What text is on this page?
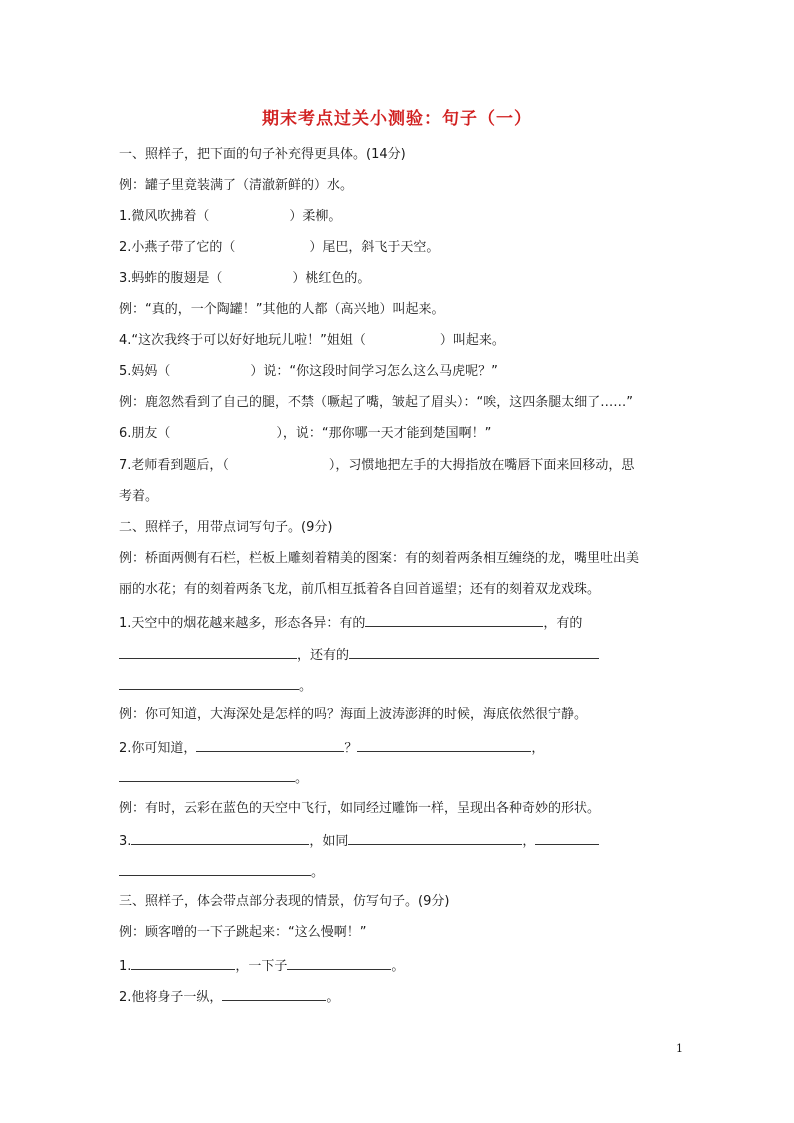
期末考点过关小测验：句子（一）
一、照样子，把下面的句子补充得更具体。(14分)
例：罐子里竟装满了（清澈新鲜的）水。
1.微风吹拂着（	）柔柳。
2.小燕子带了它的（	）尾巴，斜飞于天空。
3.蚂蚱的腹翅是（	）桃红色的。
例：“真的，一个陶罐！”其他的人都（高兴地）叫起来。
4.“这次我终于可以好好地玩儿啦！”姐姐（	）叫起来。
5.妈妈（	）说：“你这段时间学习怎么这么马虎呢？”
例：鹿忽然看到了自己的腿，不禁（噘起了嘴，皱起了眉头）：“唉，这四条腿太细了……”
6.朋友（	），说：“那你哪一天才能到楚国啊！”
7.老师看到题后，（	），习惯地把左手的大拇指放在嘴唇下面来回移动，思
考着。
二、照样子，用带点词写句子。(9分)
例：桥面两侧有石栏，栏板上雕刻着精美的图案：有的刻着两条相互缠绕的龙，嘴里吐出美
丽的水花；有的刻着两条飞龙，前爪相互抵着各自回首遥望；还有的刻着双龙戏珠。
1.天空中的烟花越来越多，形态各异：有的	，有的
，还有的
。
例：你可知道，大海深处是怎样的吗？海面上波涛澎湃的时候，海底依然很宁静。
2.你可知道，	？	，
。
例：有时，云彩在蓝色的天空中飞行，如同经过雕饰一样，呈现出各种奇妙的形状。
3.	，如同	，
。
三、照样子，体会带点部分表现的情景，仿写句子。(9分)
例：顾客噌的一下子跳起来：“这么慢啊！”
1.	，一下子	。
2.他将身子一纵，	。
1
